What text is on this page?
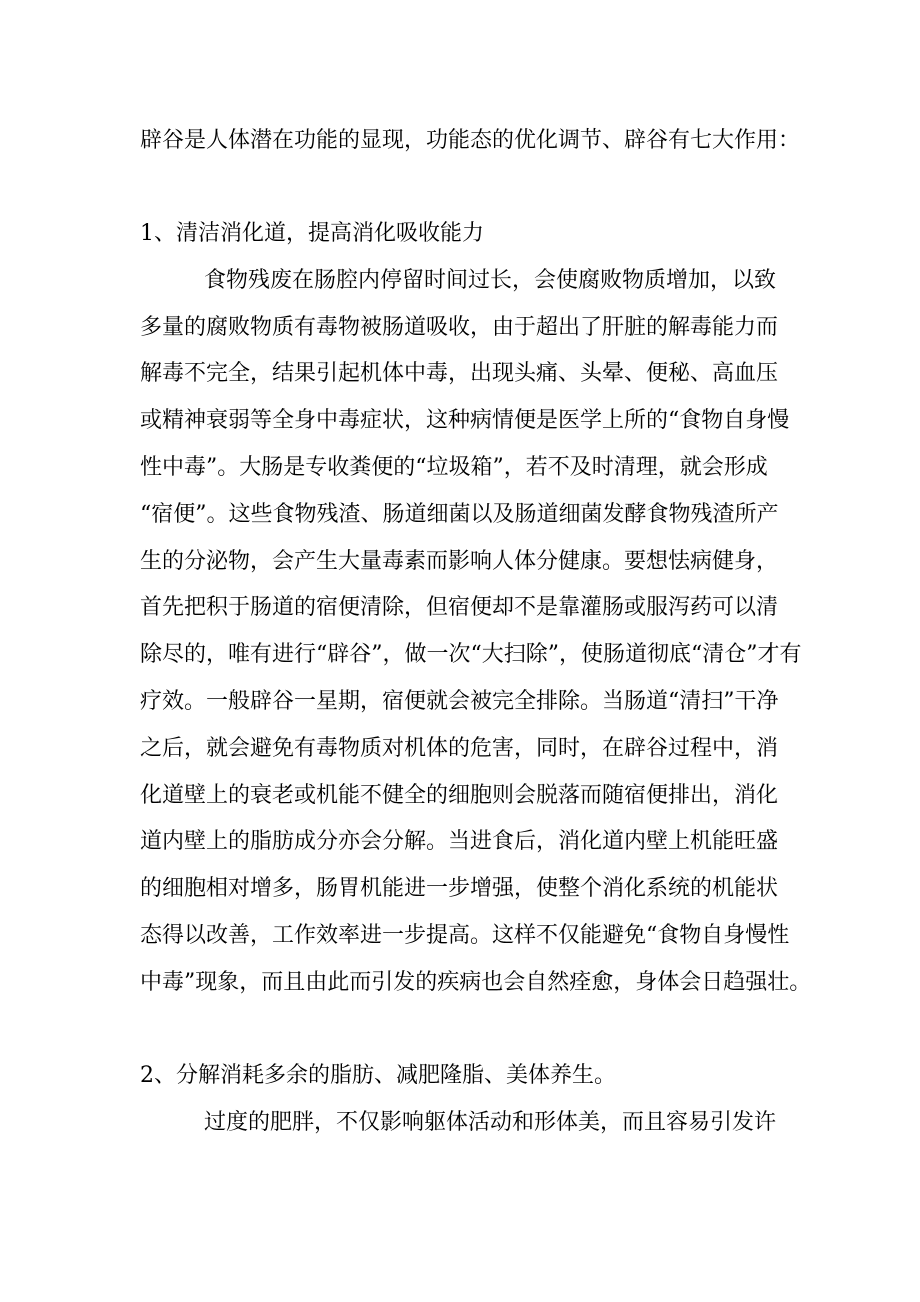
辟谷是人体潜在功能的显现，功能态的优化调节、辟谷有七大作用：
1、清洁消化道，提高消化吸收能力
食物残废在肠腔内停留时间过长，会使腐败物质增加，以致
多量的腐败物质有毒物被肠道吸收，由于超出了肝脏的解毒能力而
解毒不完全，结果引起机体中毒，出现头痛、头晕、便秘、高血压
或精神衰弱等全身中毒症状，这种病情便是医学上所的“食物自身慢
性中毒”。大肠是专收粪便的“垃圾箱”，若不及时清理，就会形成
“宿便”。这些食物残渣、肠道细菌以及肠道细菌发酵食物残渣所产
生的分泌物，会产生大量毒素而影响人体分健康。要想怯病健身，
首先把积于肠道的宿便清除，但宿便却不是靠灌肠或服泻药可以清
除尽的，唯有进行“辟谷”，做一次“大扫除”，使肠道彻底“清仓”才有
疗效。一般辟谷一星期，宿便就会被完全排除。当肠道“清扫”干净
之后，就会避免有毒物质对机体的危害，同时，在辟谷过程中，消
化道壁上的衰老或机能不健全的细胞则会脱落而随宿便排出，消化
道内壁上的脂肪成分亦会分解。当进食后，消化道内壁上机能旺盛
的细胞相对增多，肠胃机能进一步增强，使整个消化系统的机能状
态得以改善，工作效率进一步提高。这样不仅能避免“食物自身慢性
中毒”现象，而且由此而引发的疾病也会自然痊愈，身体会日趋强壮。
2、分解消耗多余的脂肪、减肥隆脂、美体养生。
过度的肥胖，不仅影响躯体活动和形体美，而且容易引发许
